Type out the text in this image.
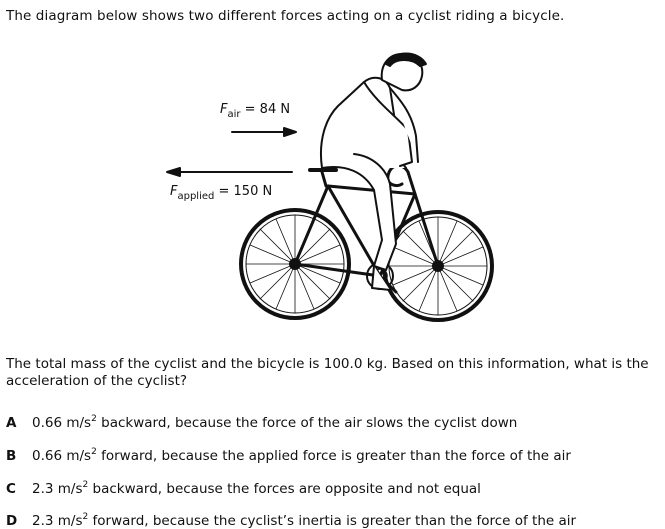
The diagram below shows two different forces acting on a cyclist riding a bicycle.
$F_{air} = 84$ N
$F_{applied} = 150$ N
The total mass of the cyclist and the bicycle is 100.0 kg. Based on this information, what is the acceleration of the cyclist?
A	0.66 $m/s^2$ backward, because the force of the air slows the cyclist down
B	0.66 $m/s^2$ forward, because the applied force is greater than the force of the air
C	2.3 $m/s^2$ backward, because the forces are opposite and not equal
D	2.3 $m/s^2$ forward, because the cyclist’s inertia is greater than the force of the air
